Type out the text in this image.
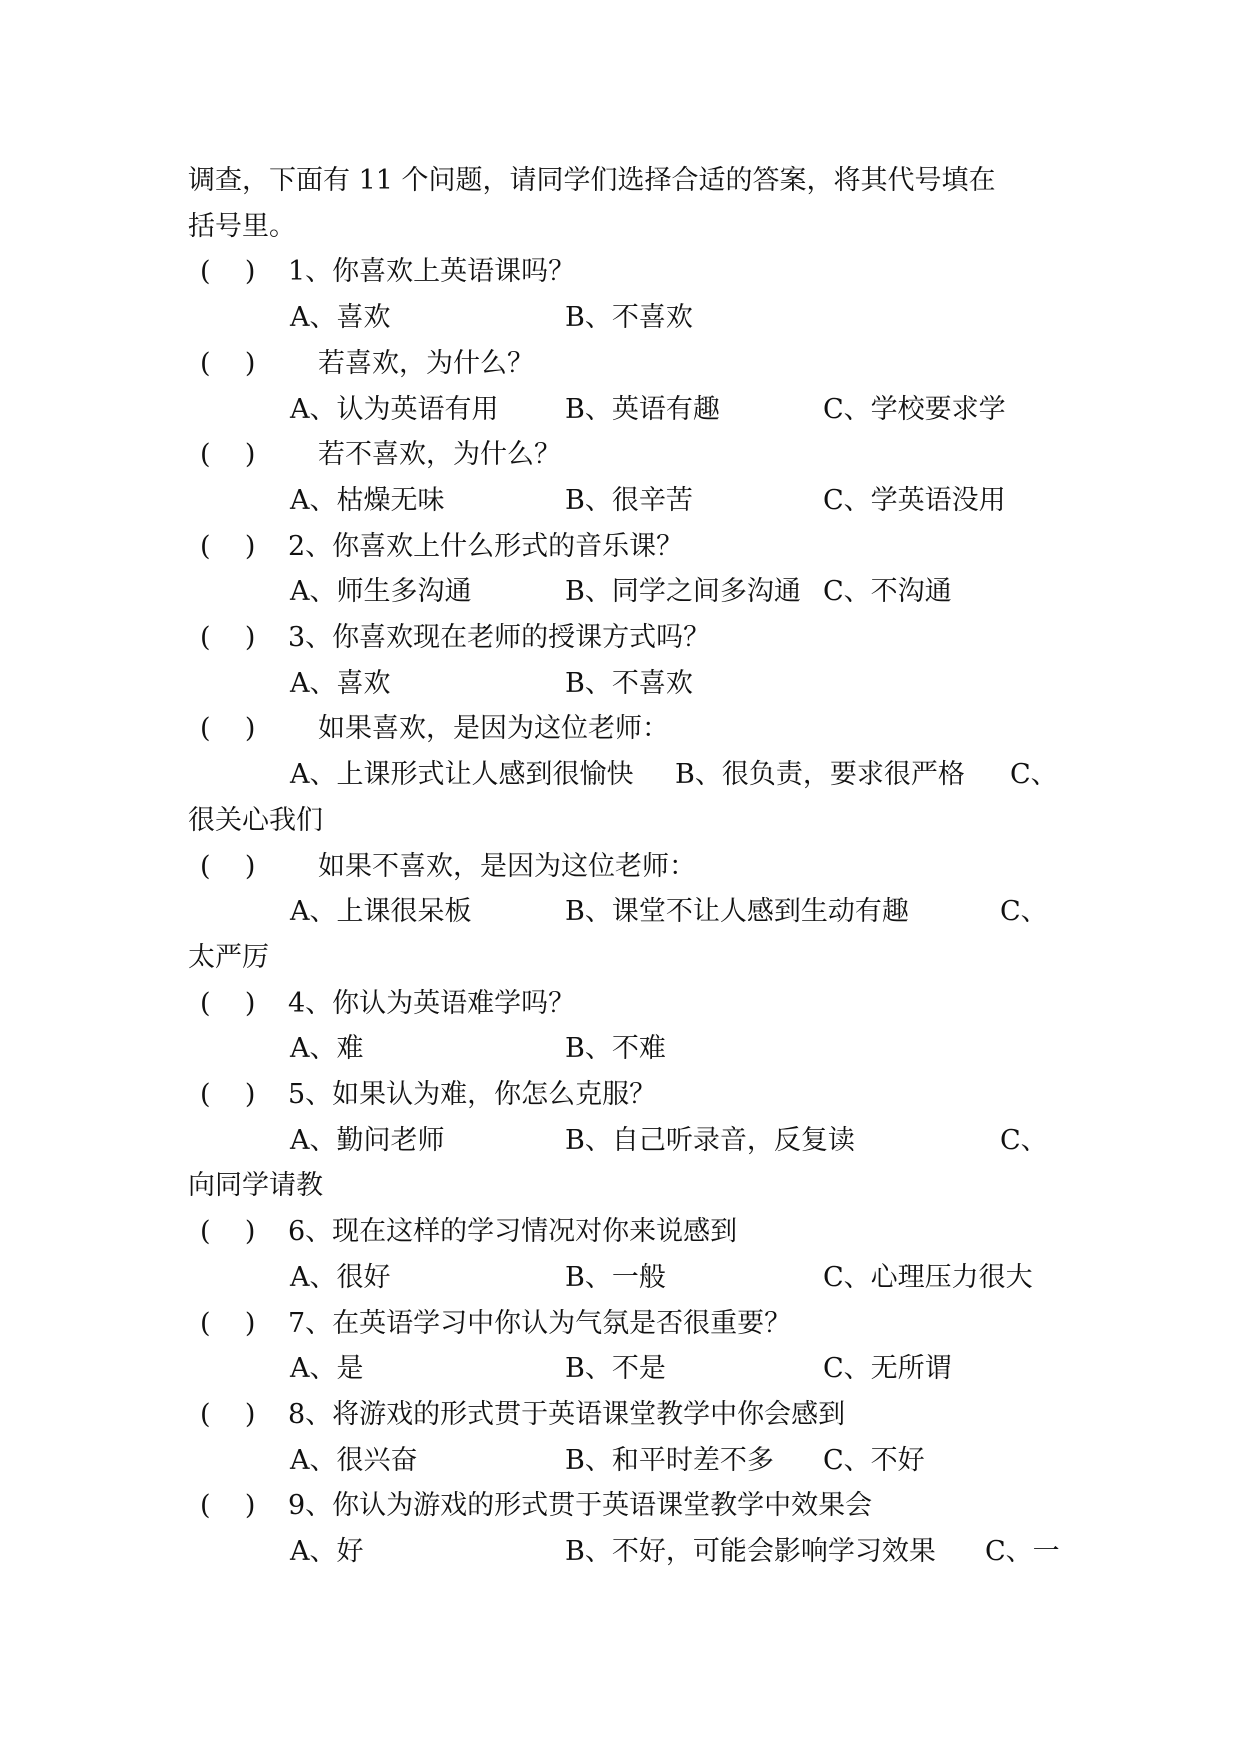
调查，下面有 11 个问题，请同学们选择合适的答案，将其代号填在
括号里。
(    ) 1、你喜欢上英语课吗？
A、喜欢	B、不喜欢
(    ) 若喜欢，为什么？
A、认为英语有用 B、英语有趣	C、学校要求学
(    ) 若不喜欢，为什么？
A、枯燥无味	B、很辛苦	C、学英语没用
(    ) 2、你喜欢上什么形式的音乐课？
A、师生多沟通	B、同学之间多沟通 C、不沟通
(    ) 3、你喜欢现在老师的授课方式吗？
A、喜欢	B、不喜欢
(    ) 如果喜欢，是因为这位老师：
A、上课形式让人感到很愉快 B、很负责，要求很严格 C、
很关心我们
(    ) 如果不喜欢，是因为这位老师：
A、上课很呆板	B、课堂不让人感到生动有趣	C、
太严厉
(    ) 4、你认为英语难学吗？
A、难	B、不难
(    ) 5、如果认为难，你怎么克服？
A、勤问老师	B、自己听录音，反复读	C、
向同学请教
(    ) 6、现在这样的学习情况对你来说感到
A、很好	B、一般	C、心理压力很大
(    ) 7、在英语学习中你认为气氛是否很重要？
A、是	B、不是	C、无所谓
(    ) 8、将游戏的形式贯于英语课堂教学中你会感到
A、很兴奋	B、和平时差不多 C、不好
(    ) 9、你认为游戏的形式贯于英语课堂教学中效果会
A、好	B、不好，可能会影响学习效果 C、一
